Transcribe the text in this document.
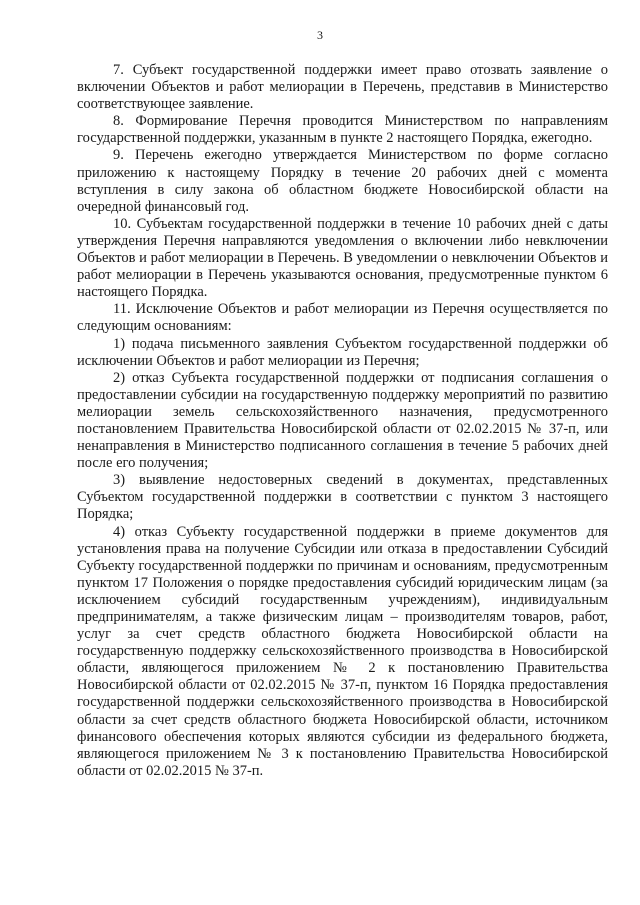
3

7. Субъект государственной поддержки имеет право отозвать заявление о включении Объектов и работ мелиорации в Перечень, представив в Министерство соответствующее заявление.

8. Формирование Перечня проводится Министерством по направлениям государственной поддержки, указанным в пункте 2 настоящего Порядка, ежегодно.

9. Перечень ежегодно утверждается Министерством по форме согласно приложению к настоящему Порядку в течение 20 рабочих дней с момента вступления в силу закона об областном бюджете Новосибирской области на очередной финансовый год.

10. Субъектам государственной поддержки в течение 10 рабочих дней с даты утверждения Перечня направляются уведомления о включении либо невключении Объектов и работ мелиорации в Перечень. В уведомлении о невключении Объектов и работ мелиорации в Перечень указываются основания, предусмотренные пунктом 6 настоящего Порядка.

11. Исключение Объектов и работ мелиорации из Перечня осуществляется по следующим основаниям:

1) подача письменного заявления Субъектом государственной поддержки об исключении Объектов и работ мелиорации из Перечня;

2) отказ Субъекта государственной поддержки от подписания соглашения о предоставлении субсидии на государственную поддержку мероприятий по развитию мелиорации земель сельскохозяйственного назначения, предусмотренного постановлением Правительства Новосибирской области от 02.02.2015 № 37-п, или ненаправления в Министерство подписанного соглашения в течение 5 рабочих дней после его получения;

3) выявление недостоверных сведений в документах, представленных Субъектом государственной поддержки в соответствии с пунктом 3 настоящего Порядка;

4) отказ Субъекту государственной поддержки в приеме документов для установления права на получение Субсидии или отказа в предоставлении Субсидий Субъекту государственной поддержки по причинам и основаниям, предусмотренным пунктом 17 Положения о порядке предоставления субсидий юридическим лицам (за исключением субсидий государственным учреждениям), индивидуальным предпринимателям, а также физическим лицам – производителям товаров, работ, услуг за счет средств областного бюджета Новосибирской области на государственную поддержку сельскохозяйственного производства в Новосибирской области, являющегося приложением № 2 к постановлению Правительства Новосибирской области от 02.02.2015 № 37-п, пунктом 16 Порядка предоставления государственной поддержки сельскохозяйственного производства в Новосибирской области за счет средств областного бюджета Новосибирской области, источником финансового обеспечения которых являются субсидии из федерального бюджета, являющегося приложением № 3 к постановлению Правительства Новосибирской области от 02.02.2015 № 37-п.
